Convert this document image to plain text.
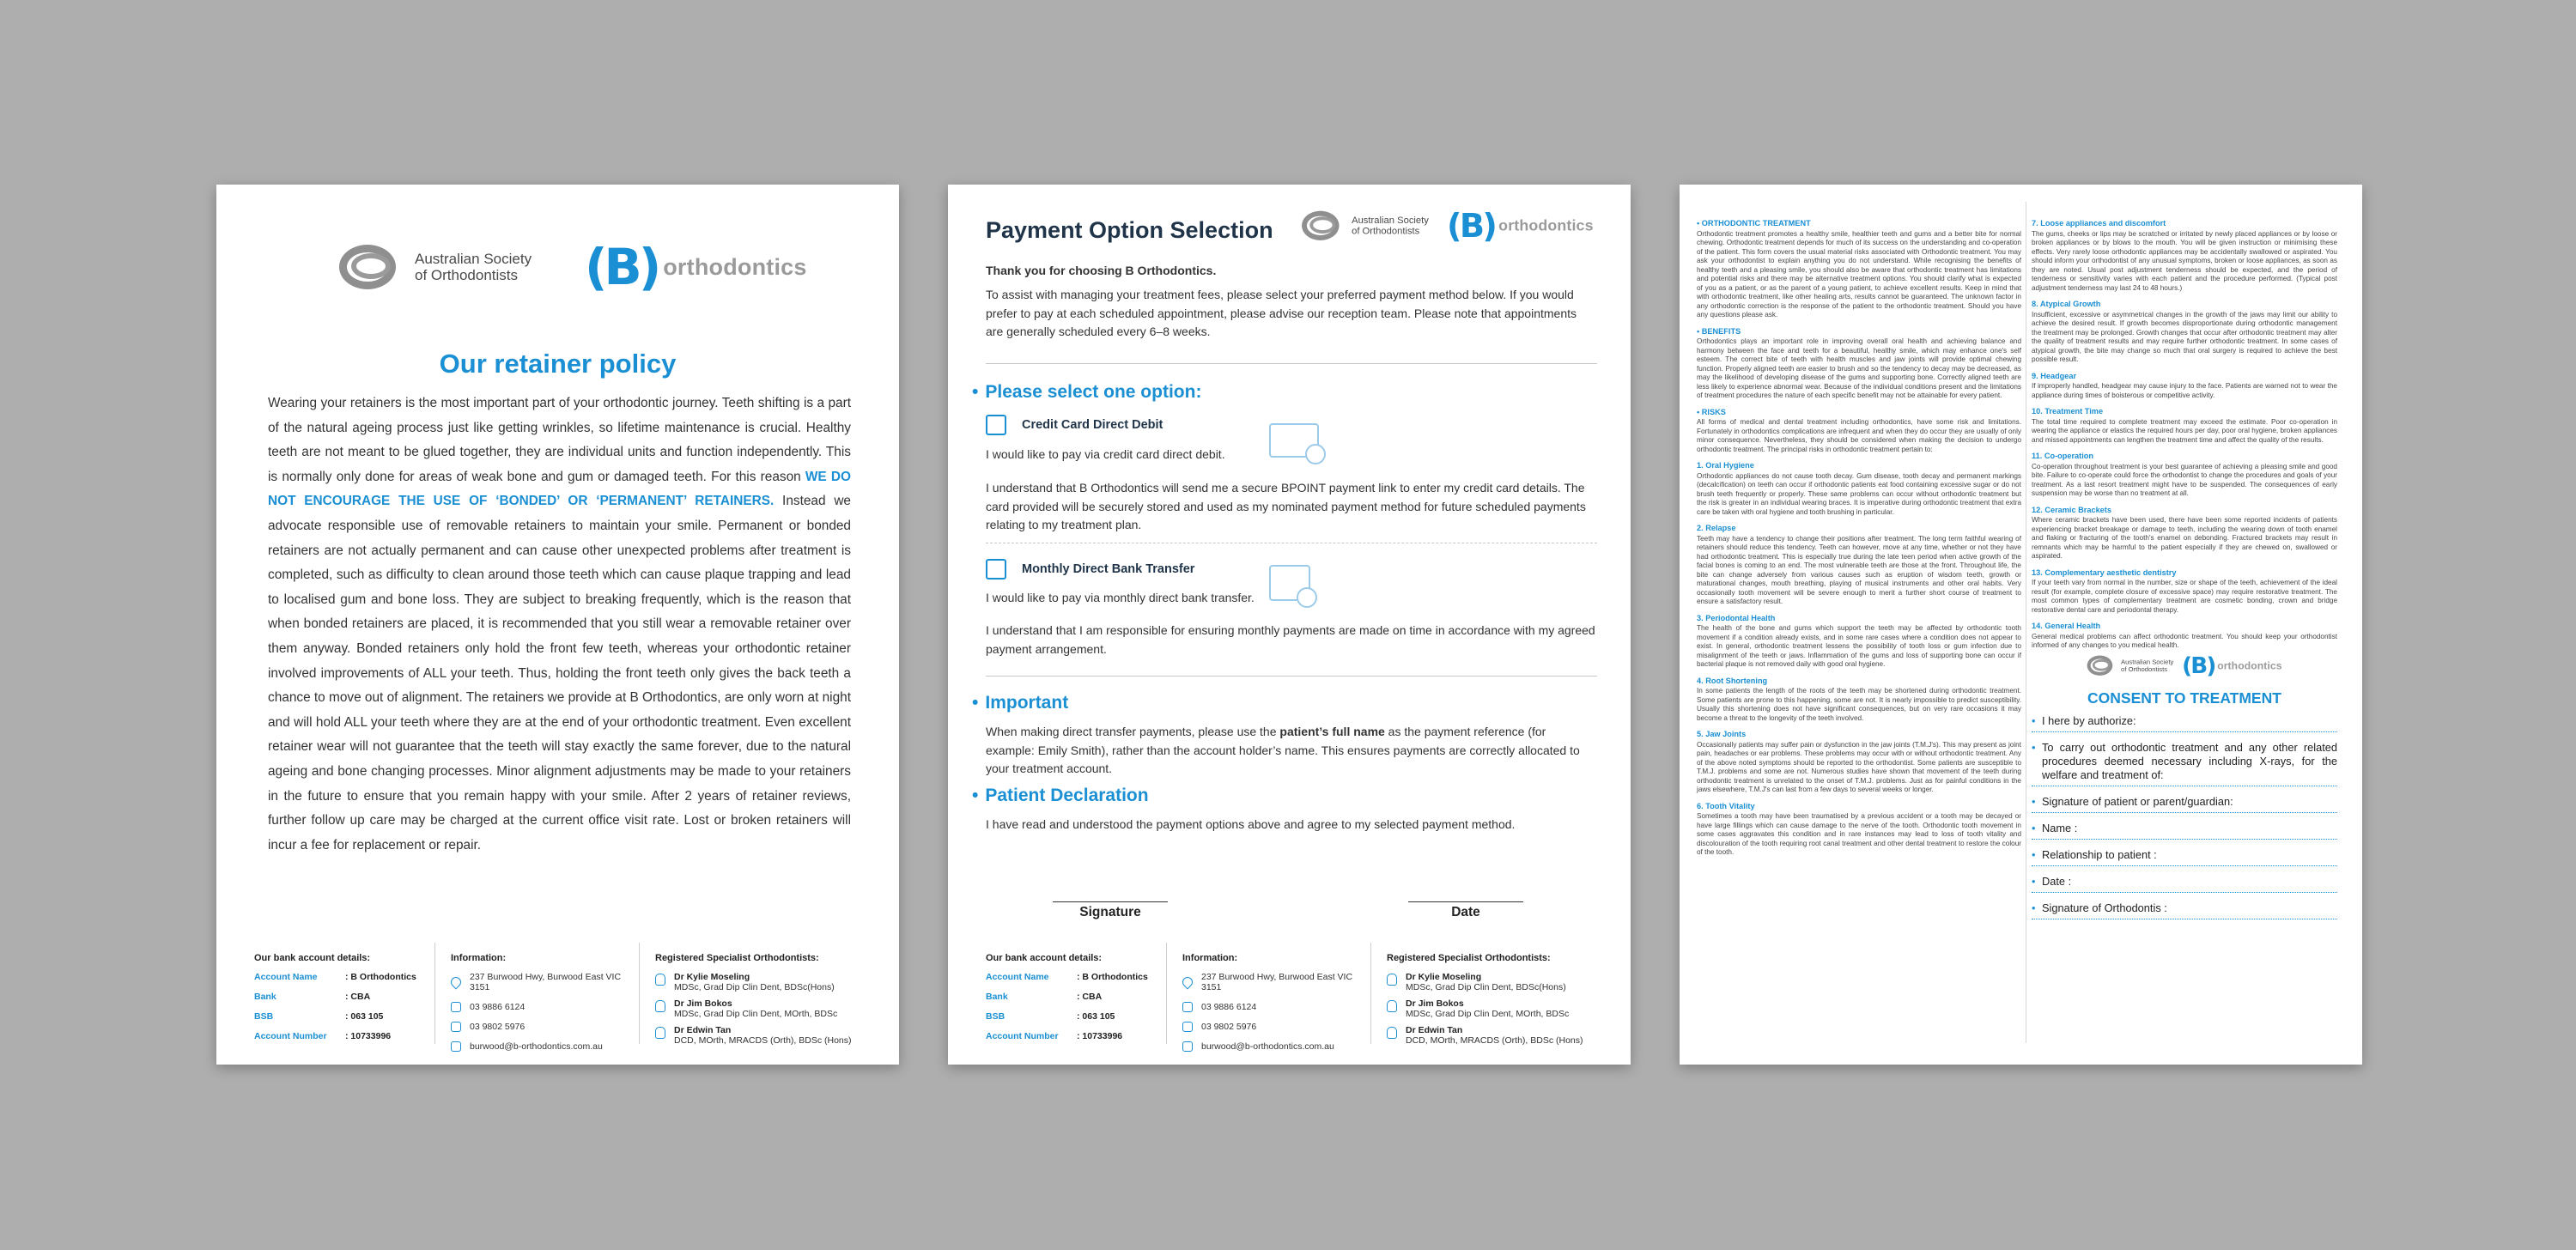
Australian Society
of Orthodontists	(B) orthodontics
Our retainer policy
Wearing your retainers is the most important part of your orthodontic journey. Teeth shifting is a part of the natural ageing process just like getting wrinkles, so lifetime maintenance is crucial. Healthy teeth are not meant to be glued together, they are individual units and function independently. This is normally only done for areas of weak bone and gum or damaged teeth. For this reason WE DO NOT ENCOURAGE THE USE OF ‘BONDED’ OR ‘PERMANENT’ RETAINERS. Instead we advocate responsible use of removable retainers to maintain your smile. Permanent or bonded retainers are not actually permanent and can cause other unexpected problems after treatment is completed, such as difficulty to clean around those teeth which can cause plaque trapping and lead to localised gum and bone loss. They are subject to breaking frequently, which is the reason that when bonded retainers are placed, it is recommended that you still wear a removable retainer over them anyway. Bonded retainers only hold the front few teeth, whereas your orthodontic retainer involved improvements of ALL your teeth. Thus, holding the front teeth only gives the back teeth a chance to move out of alignment. The retainers we provide at B Orthodontics, are only worn at night and will hold ALL your teeth where they are at the end of your orthodontic treatment. Even excellent retainer wear will not guarantee that the teeth will stay exactly the same forever, due to the natural ageing and bone changing processes. Minor alignment adjustments may be made to your retainers in the future to ensure that you remain happy with your smile. After 2 years of retainer reviews, further follow up care may be charged at the current office visit rate. Lost or broken retainers will incur a fee for replacement or repair.
Our bank account details:
Account Name	: B Orthodontics
Bank	: CBA
BSB	: 063 105
Account Number	: 10733996
Information:
237 Burwood Hwy, Burwood East VIC 3151
03 9886 6124
03 9802 5976
burwood@b-orthodontics.com.au
Registered Specialist Orthodontists:
Dr Kylie Moseling
MDSc, Grad Dip Clin Dent, BDSc(Hons)
Dr Jim Bokos
MDSc, Grad Dip Clin Dent, MOrth, BDSc
Dr Edwin Tan
DCD, MOrth, MRACDS (Orth), BDSc (Hons)
Payment Option Selection	Australian Society
of Orthodontists (B) orthodontics
Thank you for choosing B Orthodontics.
To assist with managing your treatment fees, please select your preferred payment method below. If you would prefer to pay at each scheduled appointment, please advise our reception team. Please note that appointments are generally scheduled every 6–8 weeks.
• Please select one option:
Credit Card Direct Debit
I would like to pay via credit card direct debit.
I understand that B Orthodontics will send me a secure BPOINT payment link to enter my credit card details. The card provided will be securely stored and used as my nominated payment method for future scheduled payments relating to my treatment plan.
Monthly Direct Bank Transfer
I would like to pay via monthly direct bank transfer.
I understand that I am responsible for ensuring monthly payments are made on time in accordance with my agreed payment arrangement.
• Important
When making direct transfer payments, please use the patient’s full name as the payment reference (for example: Emily Smith), rather than the account holder’s name. This ensures payments are correctly allocated to your treatment account.
• Patient Declaration
I have read and understood the payment options above and agree to my selected payment method.
Signature	Date
Our bank account details:
Account Name	: B Orthodontics
Bank	: CBA
BSB	: 063 105
Account Number	: 10733996
Information:
237 Burwood Hwy, Burwood East VIC 3151
03 9886 6124
03 9802 5976
burwood@b-orthodontics.com.au
Registered Specialist Orthodontists:
Dr Kylie Moseling
MDSc, Grad Dip Clin Dent, BDSc(Hons)
Dr Jim Bokos
MDSc, Grad Dip Clin Dent, MOrth, BDSc
Dr Edwin Tan
DCD, MOrth, MRACDS (Orth), BDSc (Hons)
• ORTHODONTIC TREATMENT
Orthodontic treatment promotes a healthy smile, healthier teeth and gums and a better bite for normal chewing. Orthodontic treatment depends for much of its success on the understanding and co-operation of the patient. This form covers the usual material risks associated with Orthodontic treatment. You may ask your orthodontist to explain anything you do not understand. While recognising the benefits of healthy teeth and a pleasing smile, you should also be aware that orthodontic treatment has limitations and potential risks and there may be alternative treatment options. You should clarify what is expected of you as a patient, or as the parent of a young patient, to achieve excellent results. Keep in mind that with orthodontic treatment, like other healing arts, results cannot be guaranteed. The unknown factor in any orthodontic correction is the response of the patient to the orthodontic treatment. Should you have any questions please ask.
• BENEFITS
Orthodontics plays an important role in improving overall oral health and achieving balance and harmony between the face and teeth for a beautiful, healthy smile, which may enhance one's self esteem. The correct bite of teeth with health muscles and jaw joints will provide optimal chewing function. Properly aligned teeth are easier to brush and so the tendency to decay may be decreased, as may the likelihood of developing disease of the gums and supporting bone. Correctly aligned teeth are less likely to experience abnormal wear. Because of the individual conditions present and the limitations of treatment procedures the nature of each specific benefit may not be attainable for every patient.
• RISKS
All forms of medical and dental treatment including orthodontics, have some risk and limitations. Fortunately in orthodontics complications are infrequent and when they do occur they are usually of only minor consequence. Nevertheless, they should be considered when making the decision to undergo orthodontic treatment. The principal risks in orthodontic treatment pertain to:
1. Oral Hygiene
Orthodontic appliances do not cause tooth decay. Gum disease, tooth decay and permanent markings (decalcification) on teeth can occur if orthodontic patients eat food containing excessive sugar or do not brush teeth frequently or properly. These same problems can occur without orthodontic treatment but the risk is greater in an individual wearing braces. It is imperative during orthodontic treatment that extra care be taken with oral hygiene and tooth brushing in particular.
2. Relapse
Teeth may have a tendency to change their positions after treatment. The long term faithful wearing of retainers should reduce this tendency. Teeth can however, move at any time, whether or not they have had orthodontic treatment. This is especially true during the late teen period when active growth of the facial bones is coming to an end. The most vulnerable teeth are those at the front. Throughout life, the bite can change adversely from various causes such as eruption of wisdom teeth, growth or maturational changes, mouth breathing, playing of musical instruments and other oral habits. Very occasionally tooth movement will be severe enough to merit a further short course of treatment to ensure a satisfactory result.
3. Periodontal Health
The health of the bone and gums which support the teeth may be affected by orthodontic tooth movement if a condition already exists, and in some rare cases where a condition does not appear to exist. In general, orthodontic treatment lessens the possibility of tooth loss or gum infection due to misalignment of the teeth or jaws. Inflammation of the gums and loss of supporting bone can occur if bacterial plaque is not removed daily with good oral hygiene.
4. Root Shortening
In some patients the length of the roots of the teeth may be shortened during orthodontic treatment. Some patients are prone to this happening, some are not. It is nearly impossible to predict susceptibility. Usually this shortening does not have significant consequences, but on very rare occasions it may become a threat to the longevity of the teeth involved.
5. Jaw Joints
Occasionally patients may suffer pain or dysfunction in the jaw joints (T.M.J's). This may present as joint pain, headaches or ear problems. These problems may occur with or without orthodontic treatment. Any of the above noted symptoms should be reported to the orthodontist. Some patients are susceptible to T.M.J. problems and some are not. Numerous studies have shown that movement of the teeth during orthodontic treatment is unrelated to the onset of T.M.J. problems. Just as for painful conditions in the jaws elsewhere, T.M.J's can last from a few days to several weeks or longer.
6. Tooth Vitality
Sometimes a tooth may have been traumatised by a previous accident or a tooth may be decayed or have large fillings which can cause damage to the nerve of the tooth. Orthodontic tooth movement in some cases aggravates this condition and in rare instances may lead to loss of tooth vitality and discolouration of the tooth requiring root canal treatment and other dental treatment to restore the colour of the tooth.
7. Loose appliances and discomfort
The gums, cheeks or lips may be scratched or irritated by newly placed appliances or by loose or broken appliances or by blows to the mouth. You will be given instruction or minimising these effects. Very rarely loose orthodontic appliances may be accidentally swallowed or aspirated. You should inform your orthodontist of any unusual symptoms, broken or loose appliances, as soon as they are noted. Usual post adjustment tenderness should be expected, and the period of tenderness or sensitivity varies with each patient and the procedure performed. (Typical post adjustment tenderness may last 24 to 48 hours.)
8. Atypical Growth
Insufficient, excessive or asymmetrical changes in the growth of the jaws may limit our ability to achieve the desired result. If growth becomes disproportionate during orthodontic management the treatment may be prolonged. Growth changes that occur after orthodontic treatment may alter the quality of treatment results and may require further orthodontic treatment. In some cases of atypical growth, the bite may change so much that oral surgery is required to achieve the best possible result.
9. Headgear
If improperly handled, headgear may cause injury to the face. Patients are warned not to wear the appliance during times of boisterous or competitive activity.
10. Treatment Time
The total time required to complete treatment may exceed the estimate. Poor co-operation in wearing the appliance or elastics the required hours per day, poor oral hygiene, broken appliances and missed appointments can lengthen the treatment time and affect the quality of the results.
11. Co-operation
Co-operation throughout treatment is your best guarantee of achieving a pleasing smile and good bite. Failure to co-operate could force the orthodontist to change the procedures and goals of your treatment. As a last resort treatment might have to be suspended. The consequences of early suspension may be worse than no treatment at all.
12. Ceramic Brackets
Where ceramic brackets have been used, there have been some reported incidents of patients experiencing bracket breakage or damage to teeth, including the wearing down of tooth enamel and flaking or fracturing of the tooth's enamel on debonding. Fractured brackets may result in remnants which may be harmful to the patient especially if they are chewed on, swallowed or aspirated.
13. Complementary aesthetic dentistry
If your teeth vary from normal in the number, size or shape of the teeth, achievement of the ideal result (for example, complete closure of excessive space) may require restorative treatment. The most common types of complementary treatment are cosmetic bonding, crown and bridge restorative dental care and periodontal therapy.
14. General Health
General medical problems can affect orthodontic treatment. You should keep your orthodontist informed of any changes to you medical health.
Australian Society
of Orthodontists (B) orthodontics
CONSENT TO TREATMENT
• I here by authorize:
• To carry out orthodontic treatment and any other related procedures deemed necessary including X-rays, for the welfare and treatment of:
• Signature of patient or parent/guardian:
• Name :
• Relationship to patient :
• Date :
• Signature of Orthodontis :
